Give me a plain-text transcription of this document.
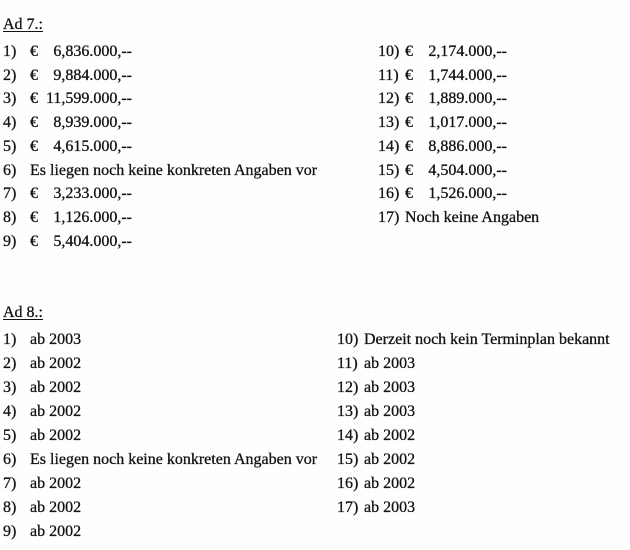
Ad 7.:
1) € 6,836.000,--
2) € 9,884.000,--
3) € 11,599.000,--
4) € 8,939.000,--
5) € 4,615.000,--
6) Es liegen noch keine konkreten Angaben vor
7) € 3,233.000,--
8) € 1,126.000,--
9) € 5,404.000,--
10) € 2,174.000,--
11) € 1,744.000,--
12) € 1,889.000,--
13) € 1,017.000,--
14) € 8,886.000,--
15) € 4,504.000,--
16) € 1,526.000,--
17) Noch keine Angaben
Ad 8.:
1) ab 2003
2) ab 2002
3) ab 2002
4) ab 2002
5) ab 2002
6) Es liegen noch keine konkreten Angaben vor
7) ab 2002
8) ab 2002
9) ab 2002
10) Derzeit noch kein Terminplan bekannt
11) ab 2003
12) ab 2003
13) ab 2003
14) ab 2002
15) ab 2002
16) ab 2002
17) ab 2003
